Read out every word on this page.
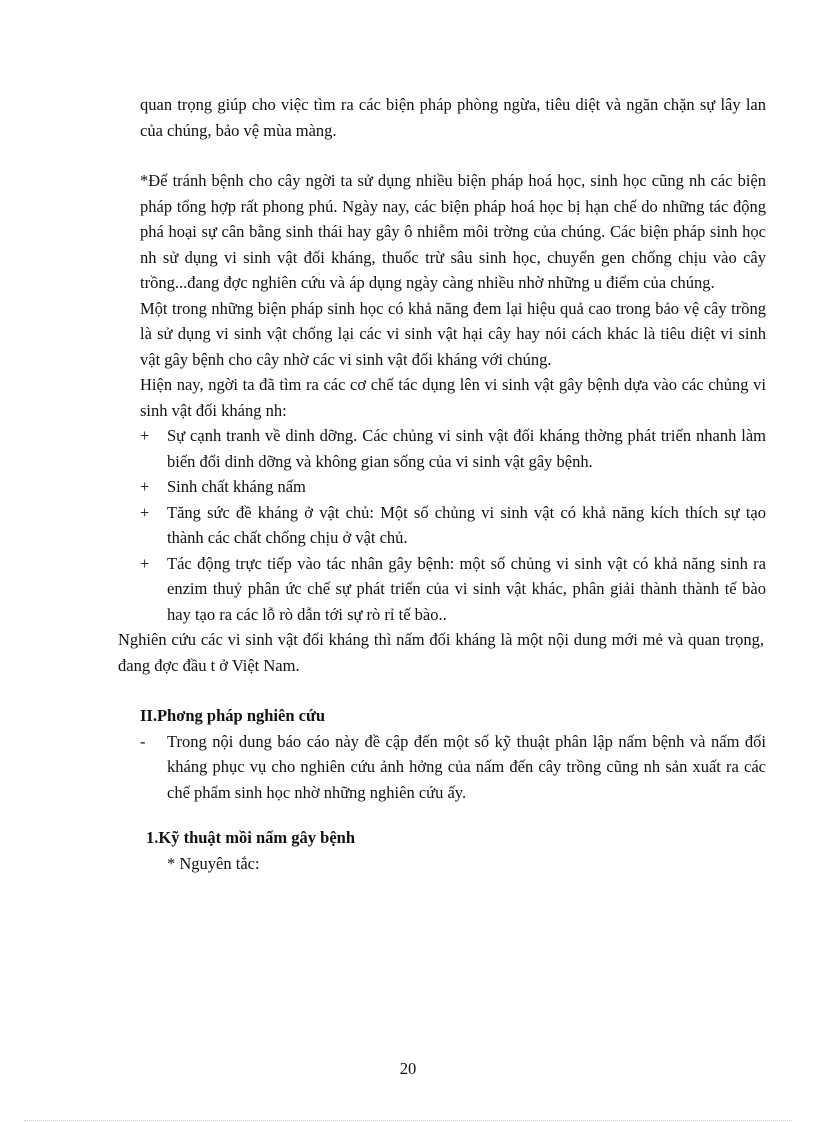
quan trọng giúp cho việc tìm ra các biện pháp phòng ngừa, tiêu diệt và ngăn chặn sự lây lan của chúng, bảo vệ mùa màng.

*Để tránh bệnh cho cây ngời ta sử dụng nhiều biện pháp hoá học, sinh học cũng nh các biện pháp tổng hợp rất phong phú. Ngày nay, các biện pháp hoá học bị hạn chế do những tác động phá hoại sự cân bằng sinh thái hay gây ô nhiễm môi trờng của chúng. Các biện pháp sinh học nh sử dụng vi sinh vật đối kháng, thuốc trừ sâu sinh học, chuyển gen chống chịu vào cây trồng...đang đợc nghiên cứu và áp dụng ngày càng nhiều nhờ những u điểm của chúng.

Một trong những biện pháp sinh học có khả năng đem lại hiệu quả cao trong bảo vệ cây trồng là sử dụng vi sinh vật chống lại các vi sinh vật hại cây hay nói cách khác là tiêu diệt vi sinh vật gây bệnh cho cây nhờ các vi sinh vật đối kháng với chúng.

Hiện nay, ngời ta đã tìm ra các cơ chế tác dụng lên vi sinh vật gây bệnh dựa vào các chủng vi sinh vật đối kháng nh:

+ Sự cạnh tranh về dinh dỡng. Các chủng vi sinh vật đối kháng thờng phát triển nhanh làm biến đổi dinh dỡng và không gian sống của vi sinh vật gây bệnh.
+ Sinh chất kháng nấm
+ Tăng sức đề kháng ở vật chủ: Một số chủng vi sinh vật có khả năng kích thích sự tạo thành các chất chống chịu ở vật chủ.
+ Tác động trực tiếp vào tác nhân gây bệnh: một số chủng vi sinh vật có khả năng sinh ra enzim thuỷ phân ức chế sự phát triển của vi sinh vật khác, phân giải thành thành tế bào hay tạo ra các lỗ rò dẫn tới sự rò rỉ tế bào..

Nghiên cứu các vi sinh vật đối kháng thì nấm đối kháng là một nội dung mới mẻ và quan trọng, đang đợc đầu t ở Việt Nam.

II.Phơng pháp nghiên cứu

- Trong nội dung báo cáo này đề cập đến một số kỹ thuật phân lập nấm bệnh và nấm đối kháng phục vụ cho nghiên cứu ảnh hởng của nấm đến cây trồng cũng nh sản xuất ra các chế phẩm sinh học nhờ những nghiên cứu ấy.

1.Kỹ thuật mồi nấm gây bệnh

* Nguyên tắc:

20
